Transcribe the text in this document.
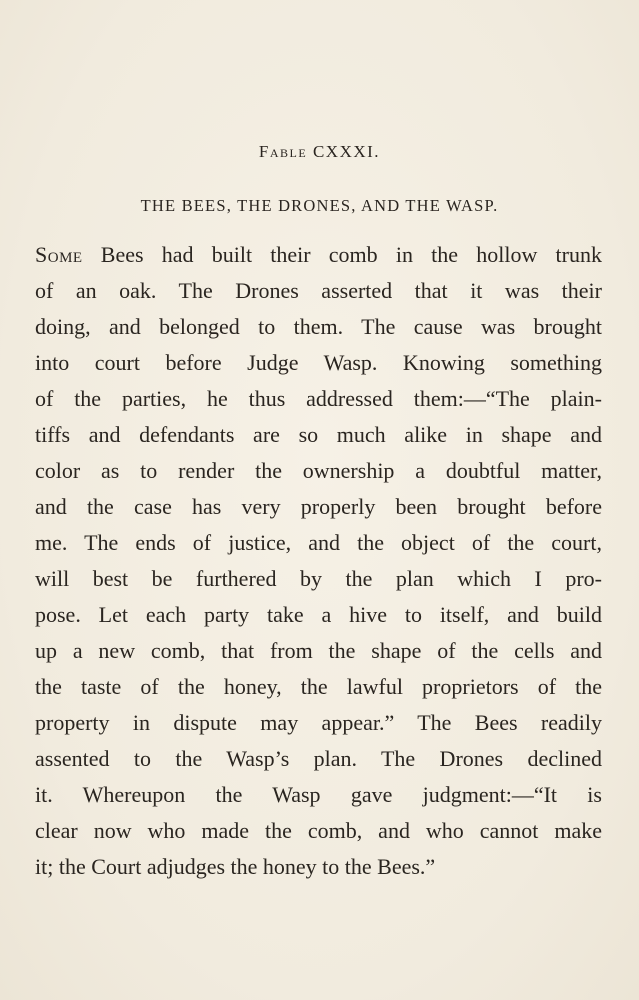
Fable CXXXI.
THE BEES, THE DRONES, AND THE WASP.
Some Bees had built their comb in the hollow trunk
of an oak. The Drones asserted that it was their
doing, and belonged to them. The cause was brought
into court before Judge Wasp. Knowing something
of the parties, he thus addressed them:—“The plain-
tiffs and defendants are so much alike in shape and
color as to render the ownership a doubtful matter,
and the case has very properly been brought before
me. The ends of justice, and the object of the court,
will best be furthered by the plan which I pro-
pose. Let each party take a hive to itself, and build
up a new comb, that from the shape of the cells and
the taste of the honey, the lawful proprietors of the
property in dispute may appear.” The Bees readily
assented to the Wasp’s plan. The Drones declined
it. Whereupon the Wasp gave judgment:—“It is
clear now who made the comb, and who cannot make
it; the Court adjudges the honey to the Bees.”
